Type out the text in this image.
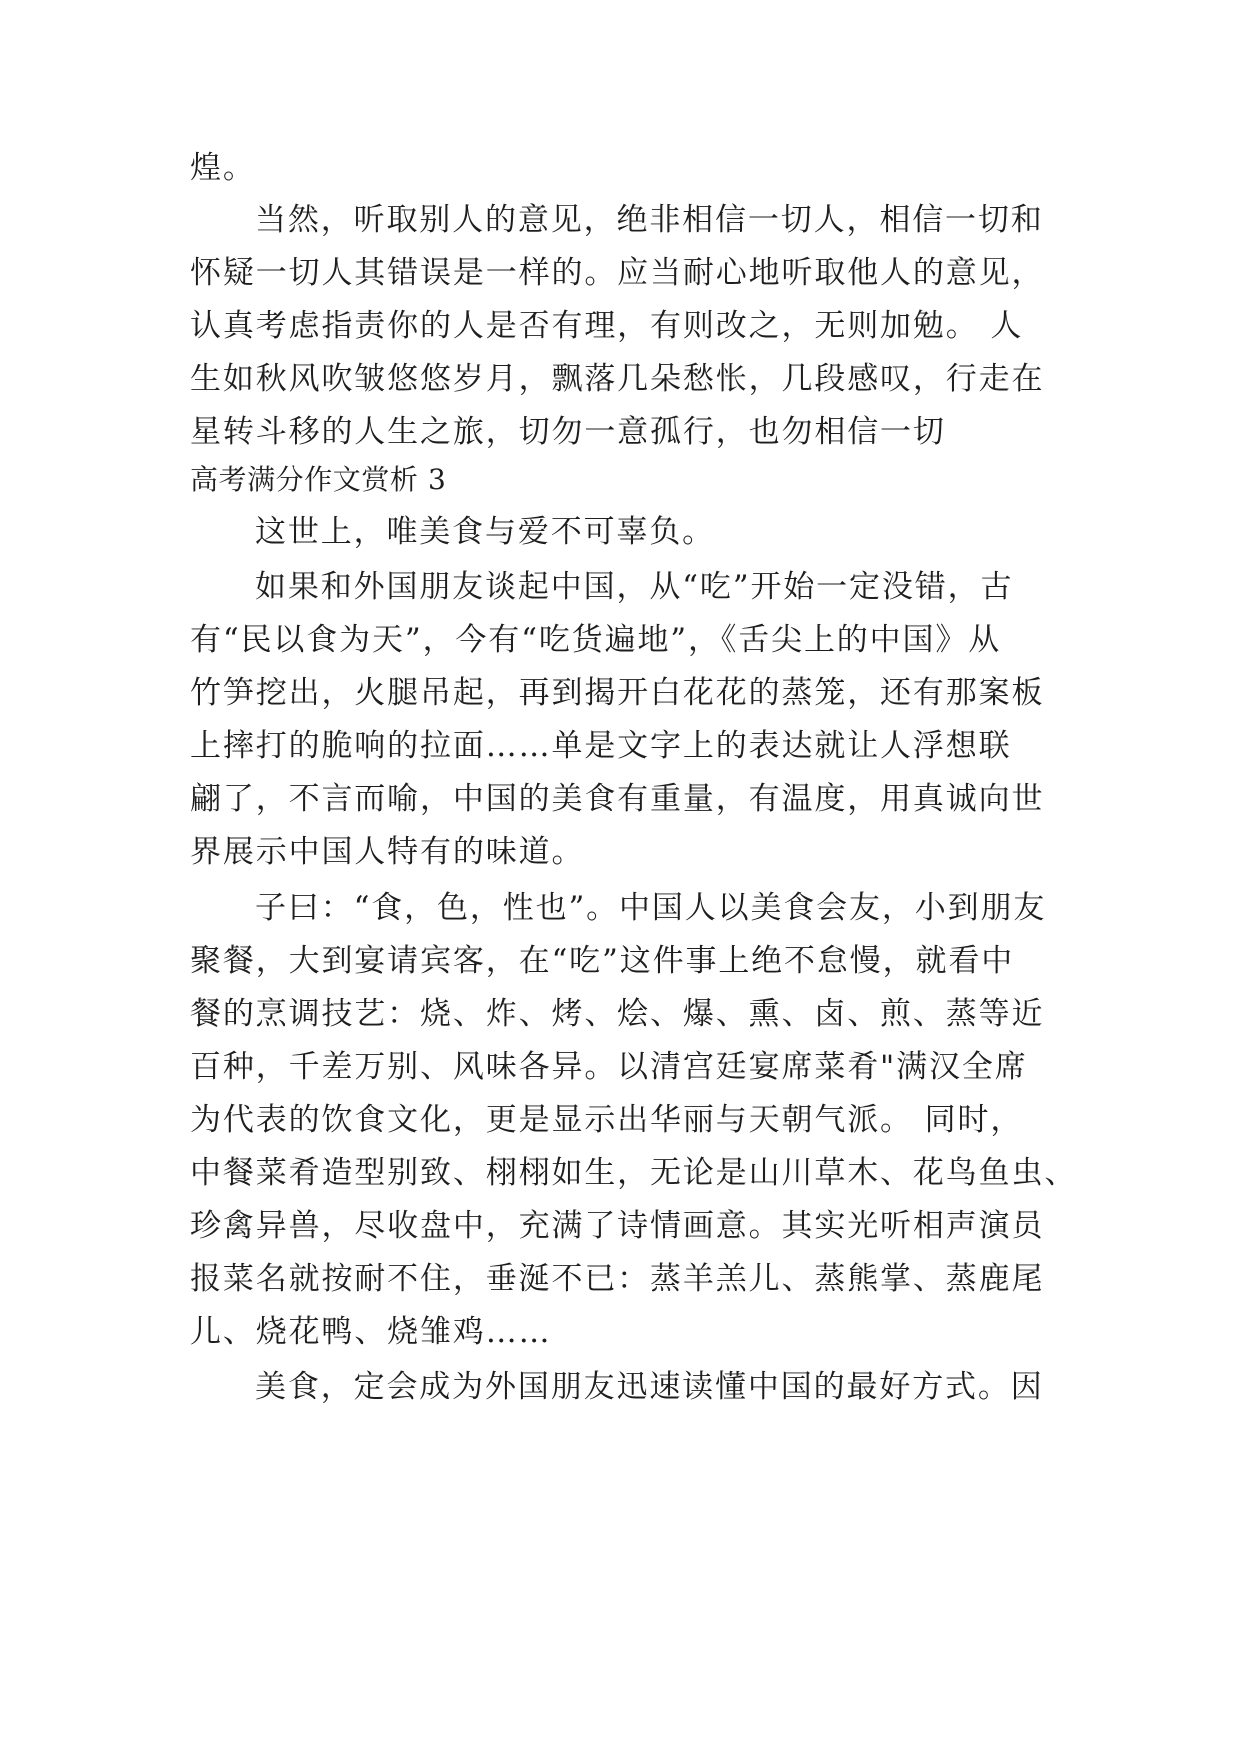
煌。
当然，听取别人的意见，绝非相信一切人，相信一切和
怀疑一切人其错误是一样的。应当耐心地听取他人的意见，
认真考虑指责你的人是否有理，有则改之，无则加勉。 人
生如秋风吹皱悠悠岁月，飘落几朵愁怅，几段感叹，行走在
星转斗移的人生之旅，切勿一意孤行，也勿相信一切
高考满分作文赏析 3
这世上，唯美食与爱不可辜负。
如果和外国朋友谈起中国，从“吃”开始一定没错，古
有“民以食为天”，今有“吃货遍地”，《舌尖上的中国》从
竹笋挖出，火腿吊起，再到揭开白花花的蒸笼，还有那案板
上摔打的脆响的拉面……单是文字上的表达就让人浮想联
翩了，不言而喻，中国的美食有重量，有温度，用真诚向世
界展示中国人特有的味道。
子曰：“食，色，性也”。中国人以美食会友，小到朋友
聚餐，大到宴请宾客，在“吃”这件事上绝不怠慢，就看中
餐的烹调技艺：烧、炸、烤、烩、爆、熏、卤、煎、蒸等近
百种，千差万别、风味各异。以清宫廷宴席菜肴"满汉全席
为代表的饮食文化，更是显示出华丽与天朝气派。 同时，
中餐菜肴造型别致、栩栩如生，无论是山川草木、花鸟鱼虫、
珍禽异兽，尽收盘中，充满了诗情画意。其实光听相声演员
报菜名就按耐不住，垂涎不已：蒸羊羔儿、蒸熊掌、蒸鹿尾
儿、烧花鸭、烧雏鸡……
美食，定会成为外国朋友迅速读懂中国的最好方式。因
